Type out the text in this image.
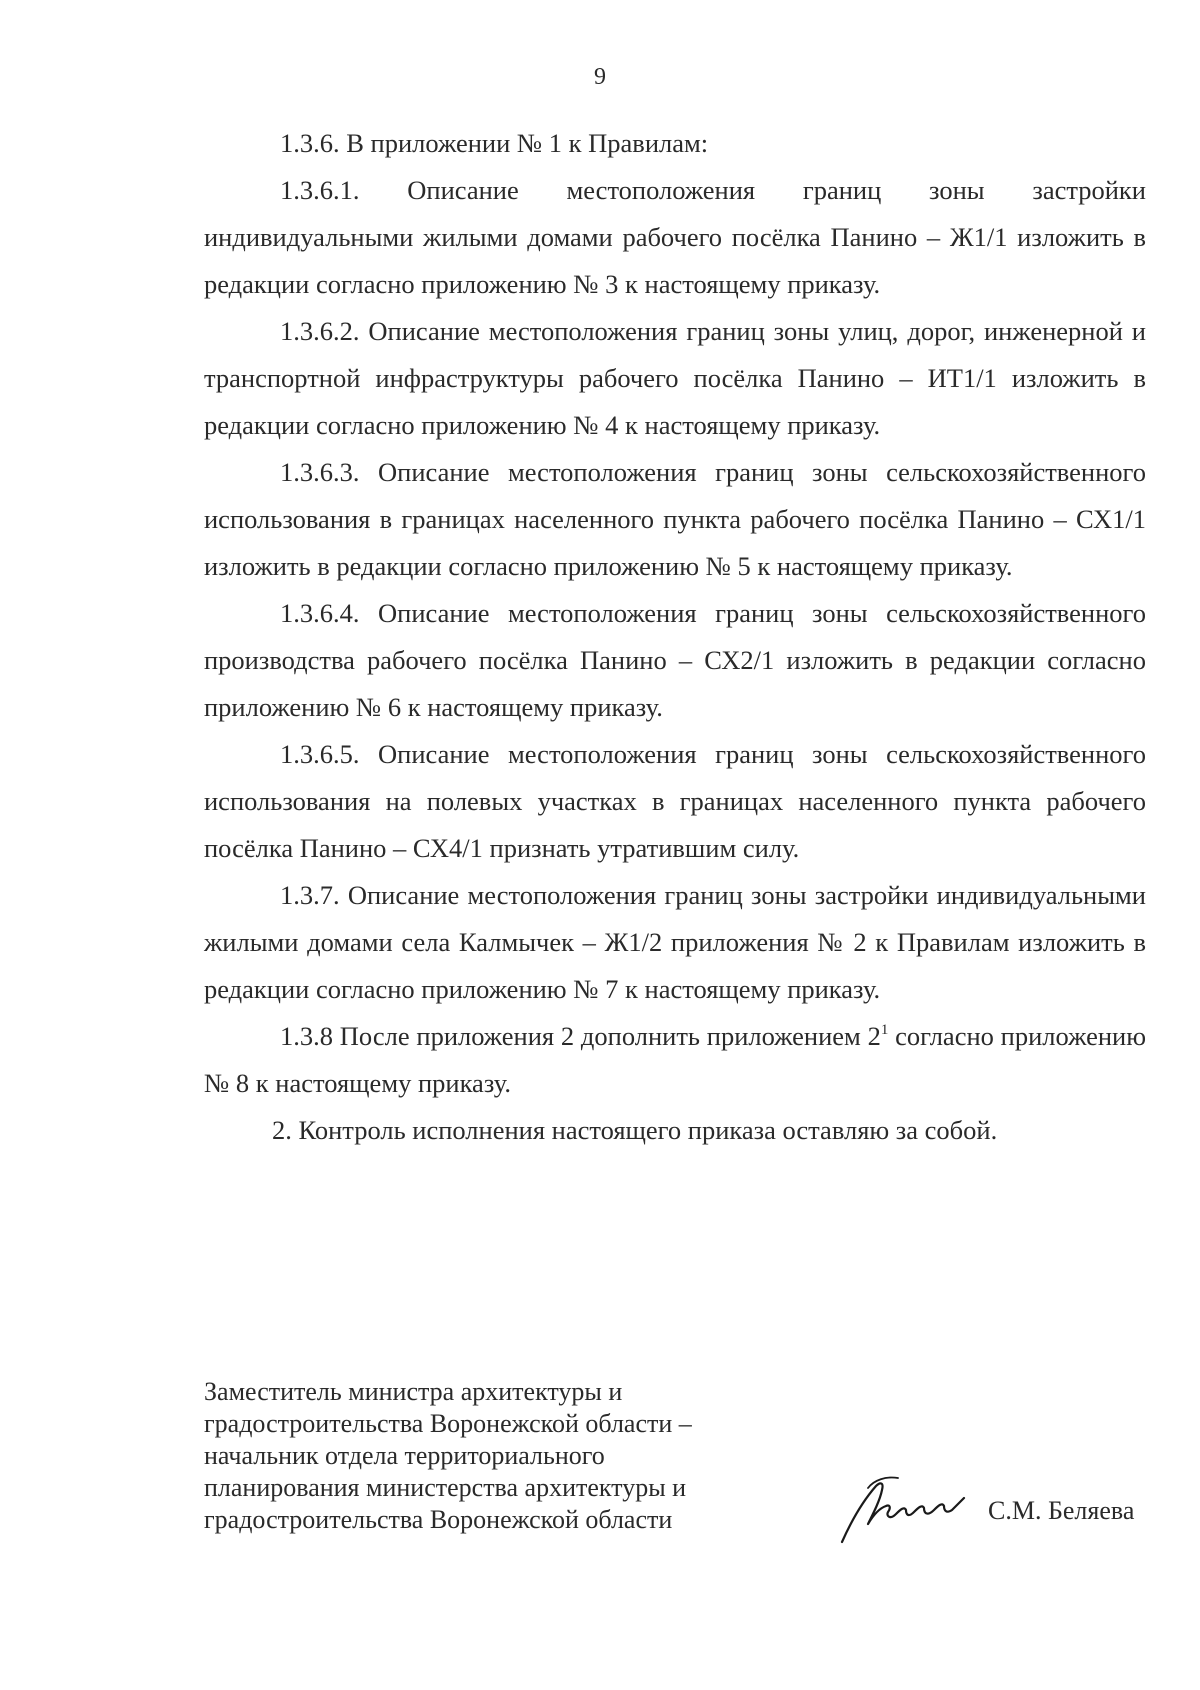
9

1.3.6. В приложении № 1 к Правилам:

1.3.6.1. Описание местоположения границ зоны застройки индивидуальными жилыми домами рабочего посёлка Панино – Ж1/1 изложить в редакции согласно приложению № 3 к настоящему приказу.

1.3.6.2. Описание местоположения границ зоны улиц, дорог, инженерной и транспортной инфраструктуры рабочего посёлка Панино – ИТ1/1 изложить в редакции согласно приложению № 4 к настоящему приказу.

1.3.6.3. Описание местоположения границ зоны сельскохозяйственного использования в границах населенного пункта рабочего посёлка Панино – СХ1/1 изложить в редакции согласно приложению № 5 к настоящему приказу.

1.3.6.4. Описание местоположения границ зоны сельскохозяйственного производства рабочего посёлка Панино – СХ2/1 изложить в редакции согласно приложению № 6 к настоящему приказу.

1.3.6.5. Описание местоположения границ зоны сельскохозяйственного использования на полевых участках в границах населенного пункта рабочего посёлка Панино – СХ4/1 признать утратившим силу.

1.3.7. Описание местоположения границ зоны застройки индивидуальными жилыми домами села Калмычек – Ж1/2 приложения № 2 к Правилам изложить в редакции согласно приложению № 7 к настоящему приказу.

1.3.8 После приложения 2 дополнить приложением $2^1$ согласно приложению № 8 к настоящему приказу.

2. Контроль исполнения настоящего приказа оставляю за собой.

Заместитель министра архитектуры и
градостроительства Воронежской области –
начальник отдела территориального
планирования министерства архитектуры и
градостроительства Воронежской области	С.М. Беляева
